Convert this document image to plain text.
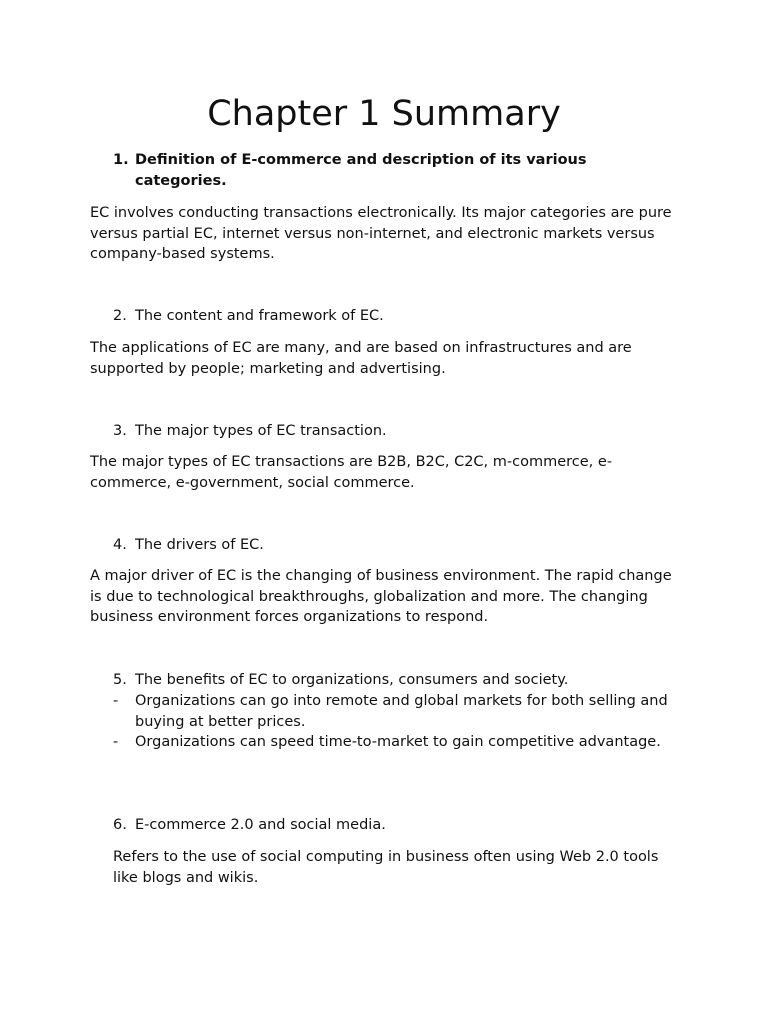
Chapter 1 Summary
1. Definition of E-commerce and description of its various categories.

EC involves conducting transactions electronically. Its major categories are pure versus partial EC, internet versus non-internet, and electronic markets versus company-based systems.

2. The content and framework of EC.

The applications of EC are many, and are based on infrastructures and are supported by people; marketing and advertising.

3. The major types of EC transaction.

The major types of EC transactions are B2B, B2C, C2C, m-commerce, e-commerce, e-government, social commerce.

4. The drivers of EC.

A major driver of EC is the changing of business environment. The rapid change is due to technological breakthroughs, globalization and more. The changing business environment forces organizations to respond.

5. The benefits of EC to organizations, consumers and society.
- Organizations can go into remote and global markets for both selling and buying at better prices.
- Organizations can speed time-to-market to gain competitive advantage.
6. E-commerce 2.0 and social media.

Refers to the use of social computing in business often using Web 2.0 tools like blogs and wikis.
